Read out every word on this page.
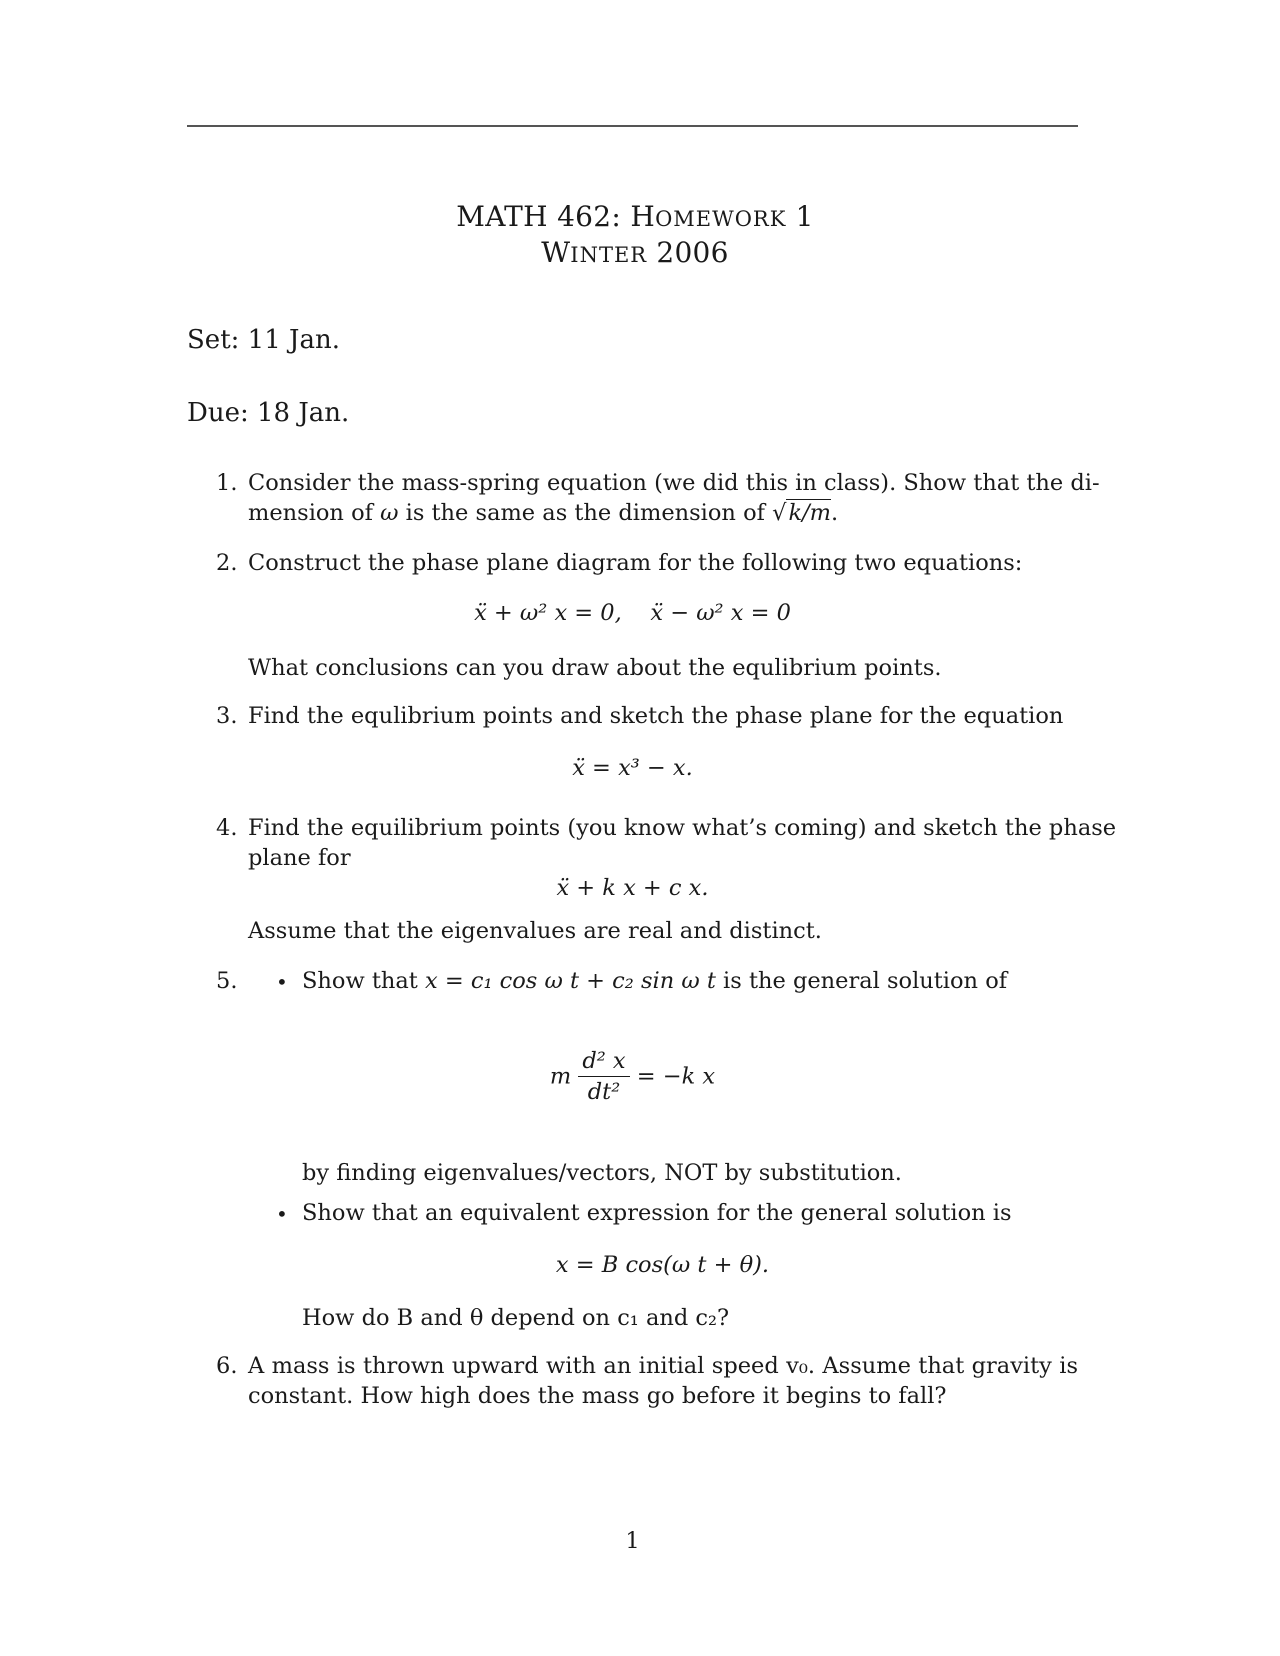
MATH 462: HOMEWORK 1
WINTER 2006
Set: 11 Jan.
Due: 18 Jan.
1. Consider the mass-spring equation (we did this in class). Show that the di-
mension of ω is the same as the dimension of √k/m.
2. Construct the phase plane diagram for the following two equations:
ẍ + ω² x = 0,    ẍ − ω² x = 0
What conclusions can you draw about the equlibrium points.
3. Find the equlibrium points and sketch the phase plane for the equation
ẍ = x³ − x.
4. Find the equilibrium points (you know what’s coming) and sketch the phase
plane for
ẍ + k x + c x.
Assume that the eigenvalues are real and distinct.
5. • Show that x = c₁ cos ω t + c₂ sin ω t is the general solution of
m $\frac{\text{d² x}}{\text{dt²}} = -k$ x
by finding eigenvalues/vectors, NOT by substitution.
• Show that an equivalent expression for the general solution is
x = B cos(ω t + θ).
How do B and θ depend on c₁ and c₂?
6. A mass is thrown upward with an initial speed v₀. Assume that gravity is
constant. How high does the mass go before it begins to fall?
1
